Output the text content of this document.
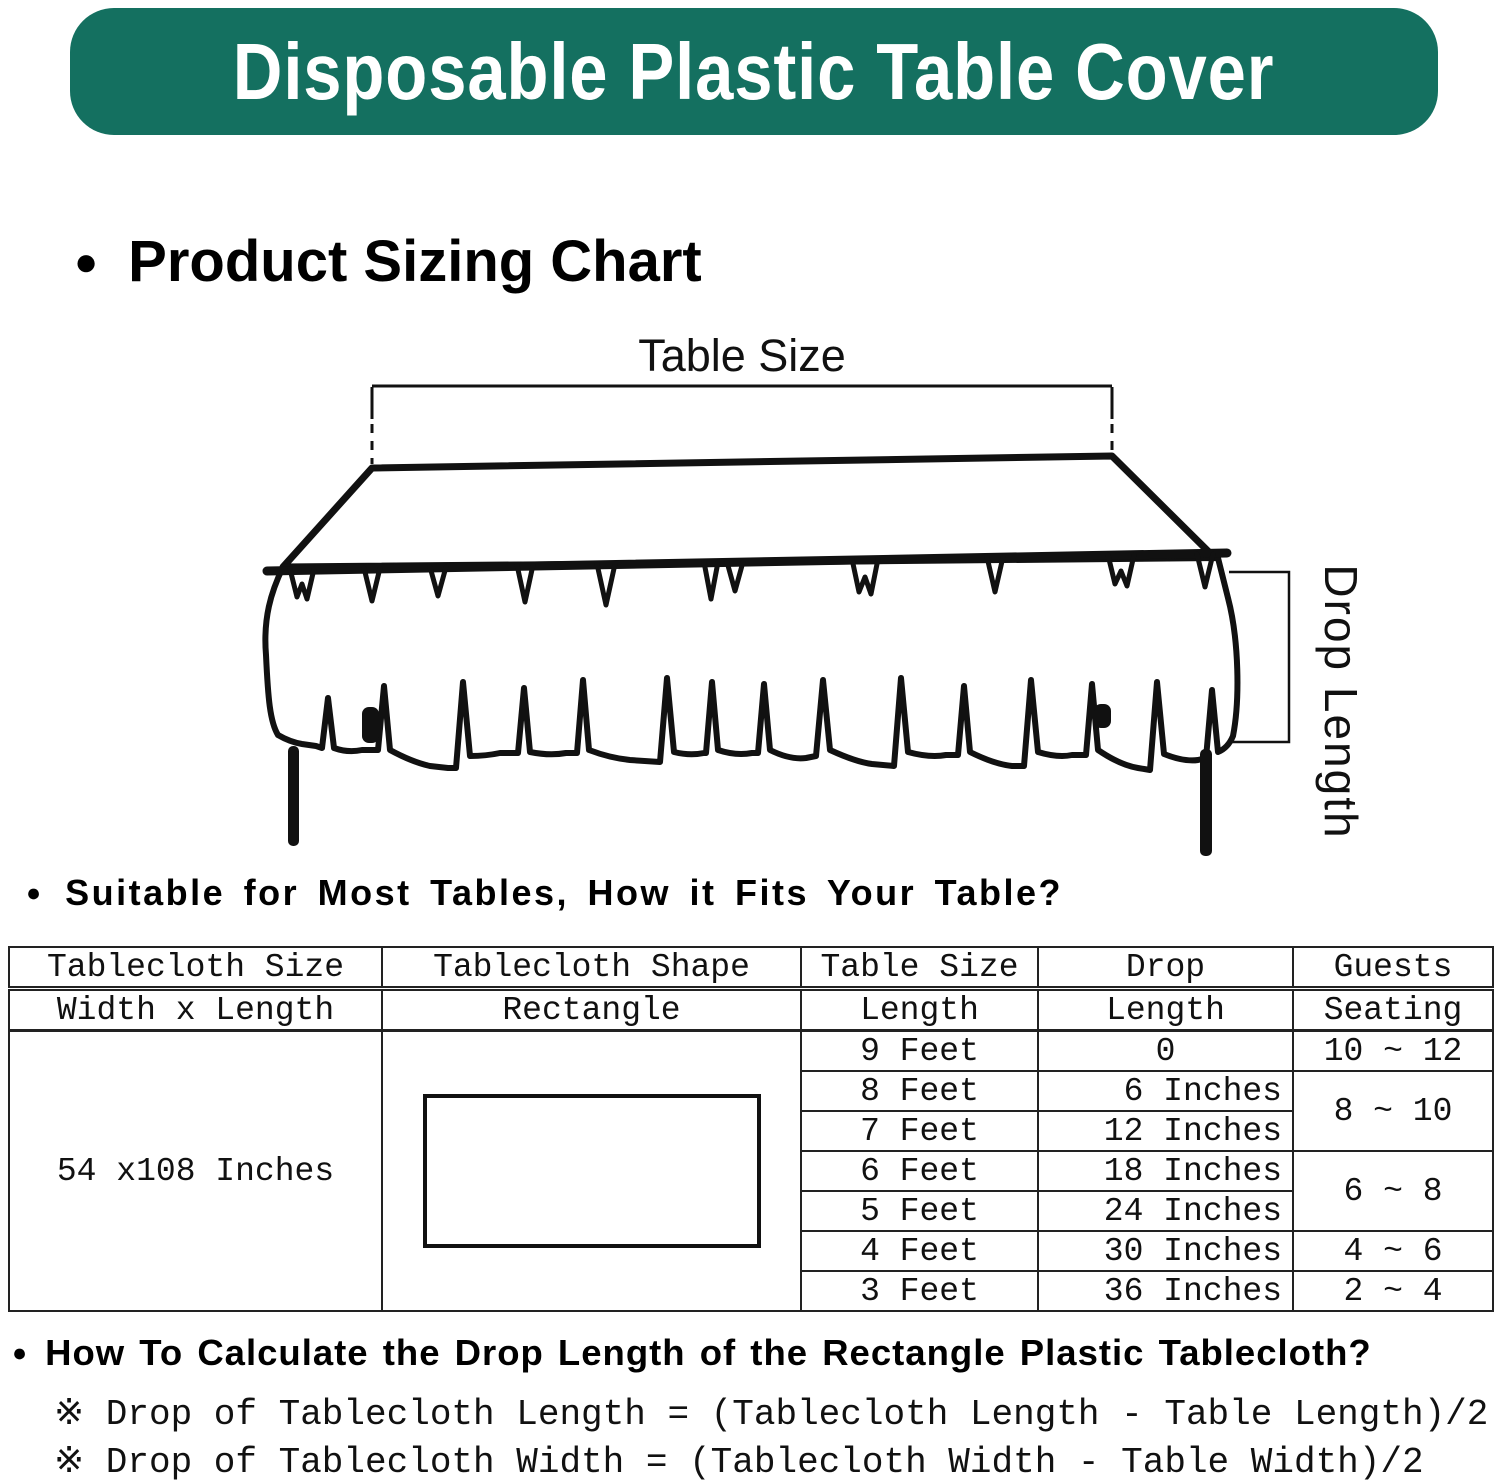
Disposable Plastic Table Cover
● Product Sizing Chart
Table Size
Drop Length
● Suitable for Most Tables, How it Fits Your Table?
Tablecloth Size	Tablecloth Shape	Table Size	Drop	Guests
Width x Length	Rectangle	Length	Length	Seating
54 x108 Inches		9 Feet	0	10 ~ 12
		8 Feet	6 Inches	8 ~ 10
		7 Feet	12 Inches	
		6 Feet	18 Inches	6 ~ 8
		5 Feet	24 Inches	
		4 Feet	30 Inches	4 ~ 6
		3 Feet	36 Inches	2 ~ 4
● How To Calculate the Drop Length of the Rectangle Plastic Tablecloth?
※ Drop of Tablecloth Length = (Tablecloth Length - Table Length)/2
※ Drop of Tablecloth Width = (Tablecloth Width - Table Width)/2
